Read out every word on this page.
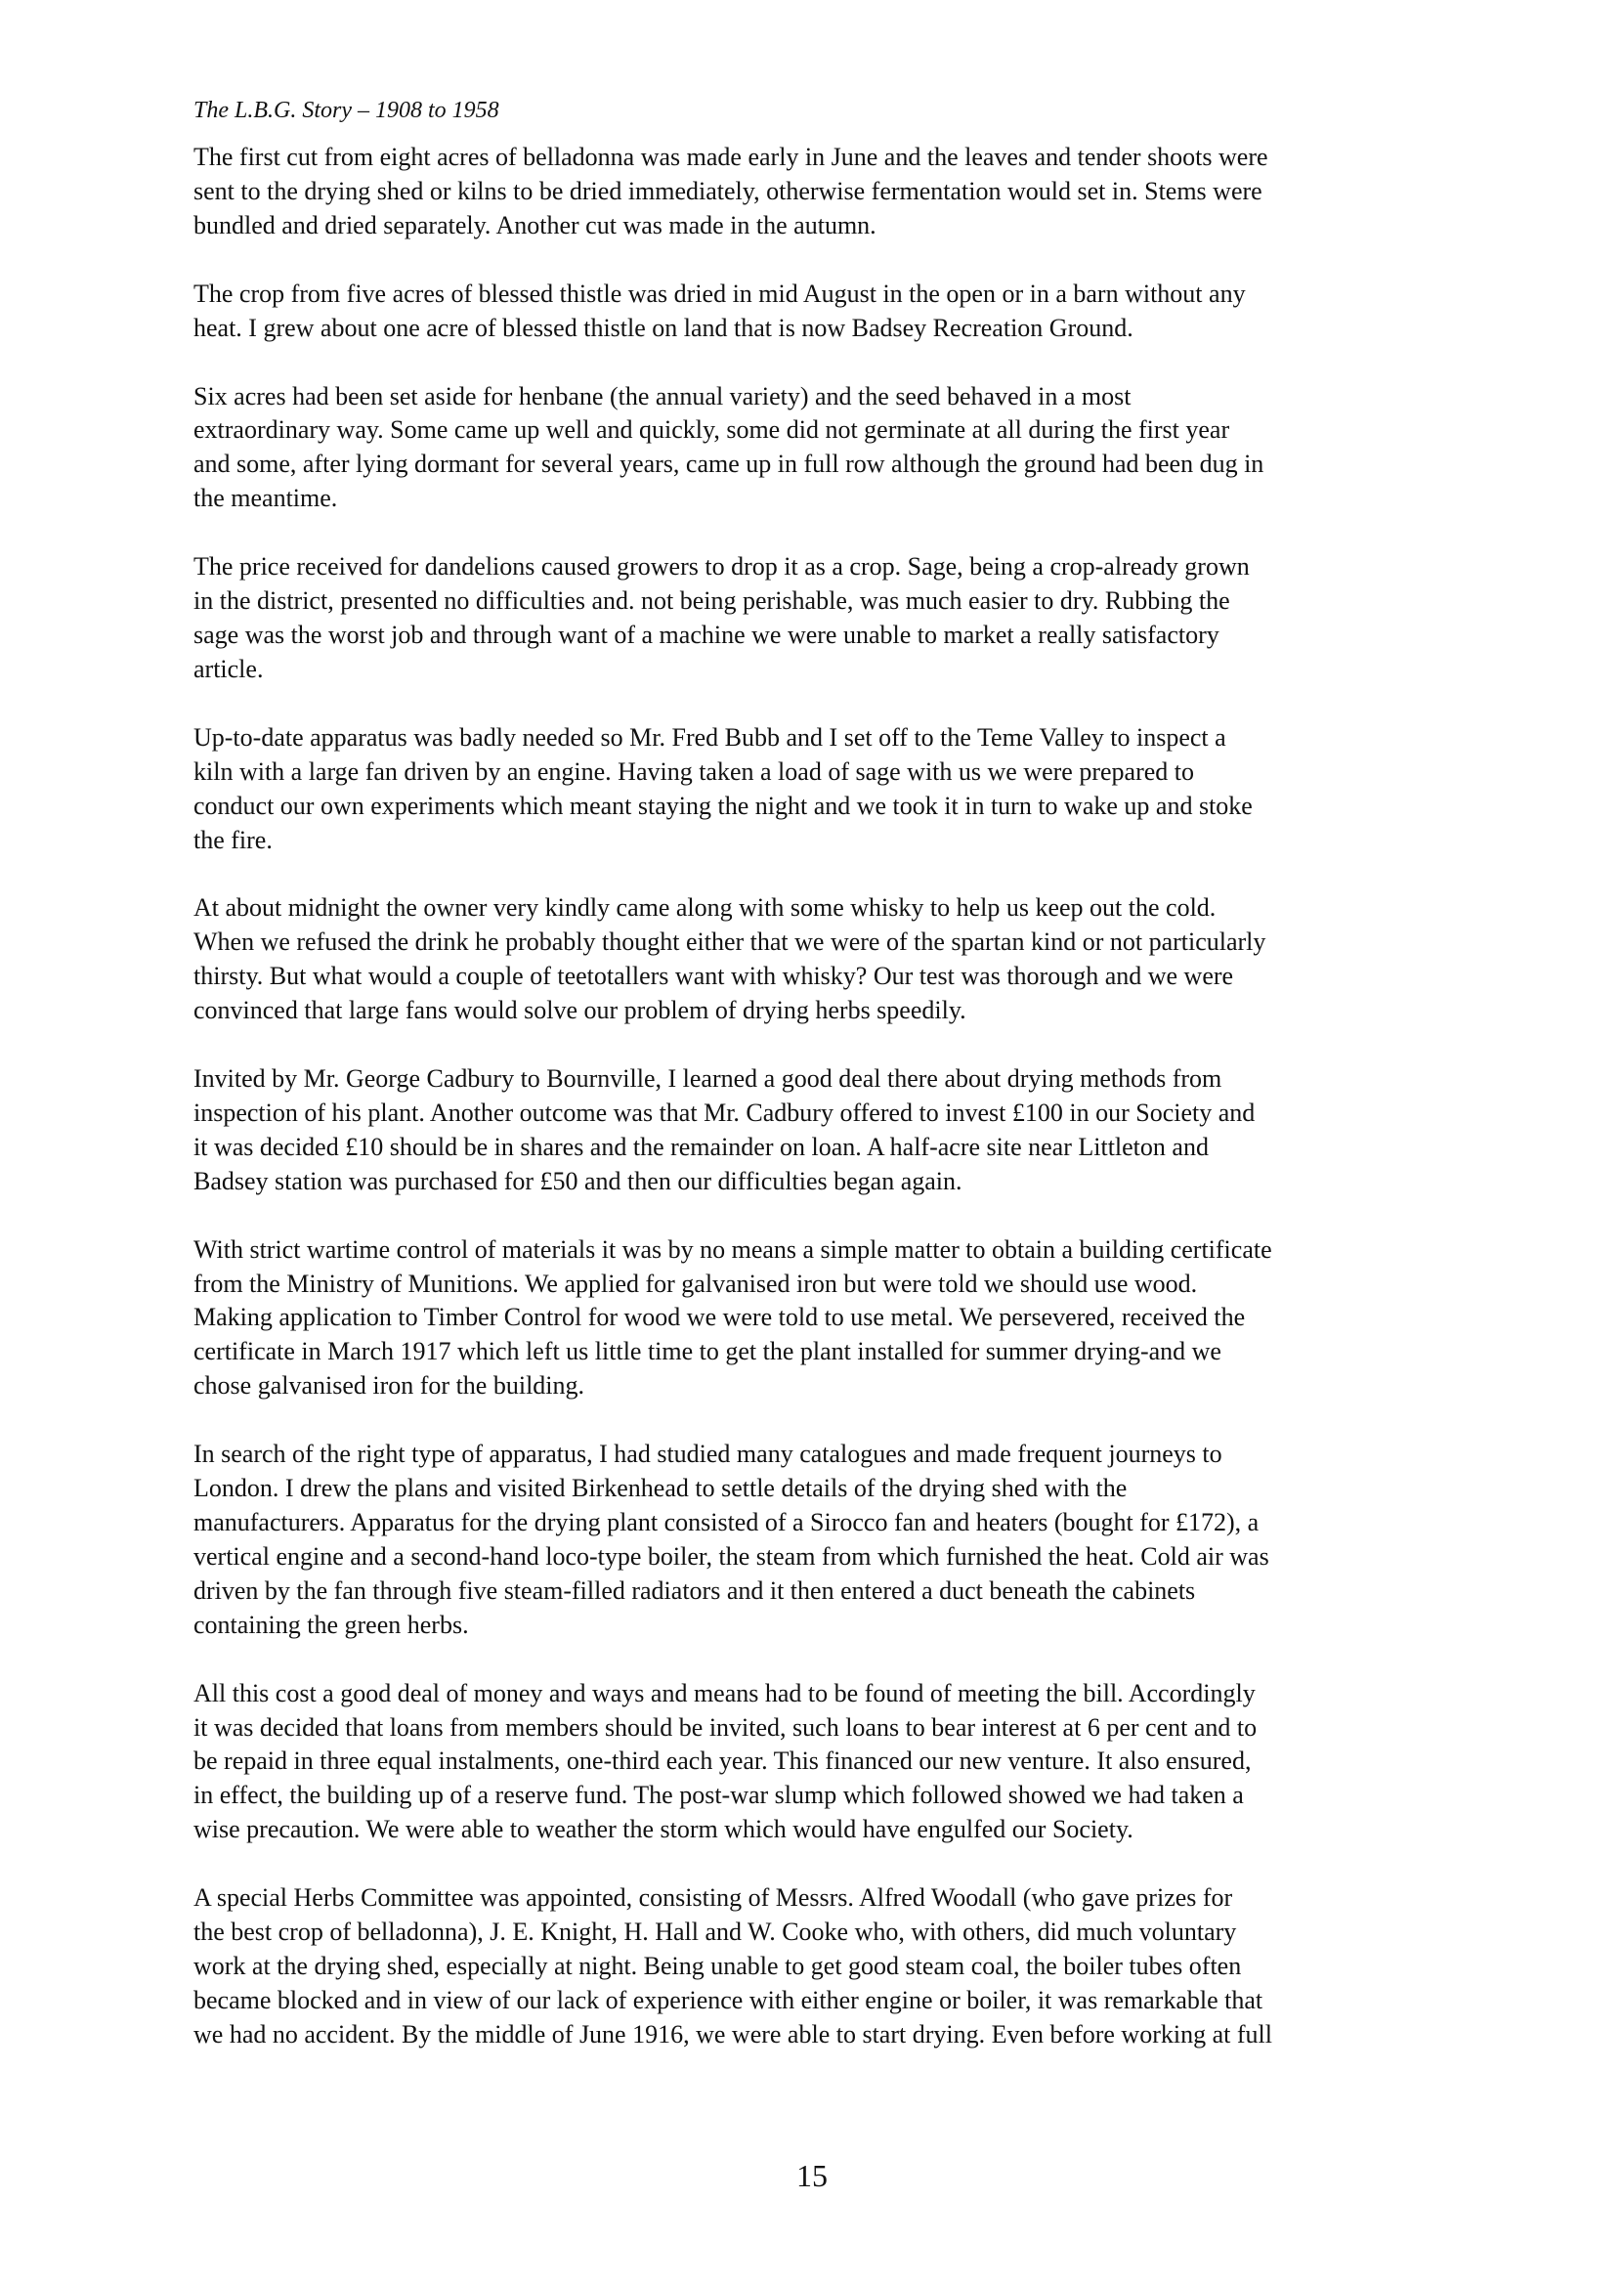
The L.B.G. Story – 1908 to 1958

The first cut from eight acres of belladonna was made early in June and the leaves and tender shoots were
sent to the drying shed or kilns to be dried immediately, otherwise fermentation would set in. Stems were
bundled and dried separately. Another cut was made in the autumn.

The crop from five acres of blessed thistle was dried in mid August in the open or in a barn without any
heat. I grew about one acre of blessed thistle on land that is now Badsey Recreation Ground.

Six acres had been set aside for henbane (the annual variety) and the seed behaved in a most
extraordinary way. Some came up well and quickly, some did not germinate at all during the first year
and some, after lying dormant for several years, came up in full row although the ground had been dug in
the meantime.

The price received for dandelions caused growers to drop it as a crop. Sage, being a crop-already grown
in the district, presented no difficulties and. not being perishable, was much easier to dry. Rubbing the
sage was the worst job and through want of a machine we were unable to market a really satisfactory
article.

Up-to-date apparatus was badly needed so Mr. Fred Bubb and I set off to the Teme Valley to inspect a
kiln with a large fan driven by an engine. Having taken a load of sage with us we were prepared to
conduct our own experiments which meant staying the night and we took it in turn to wake up and stoke
the fire.

At about midnight the owner very kindly came along with some whisky to help us keep out the cold.
When we refused the drink he probably thought either that we were of the spartan kind or not particularly
thirsty. But what would a couple of teetotallers want with whisky? Our test was thorough and we were
convinced that large fans would solve our problem of drying herbs speedily.

Invited by Mr. George Cadbury to Bournville, I learned a good deal there about drying methods from
inspection of his plant. Another outcome was that Mr. Cadbury offered to invest £100 in our Society and
it was decided £10 should be in shares and the remainder on loan. A half-acre site near Littleton and
Badsey station was purchased for £50 and then our difficulties began again.

With strict wartime control of materials it was by no means a simple matter to obtain a building certificate
from the Ministry of Munitions. We applied for galvanised iron but were told we should use wood.
Making application to Timber Control for wood we were told to use metal. We persevered, received the
certificate in March 1917 which left us little time to get the plant installed for summer drying-and we
chose galvanised iron for the building.

In search of the right type of apparatus, I had studied many catalogues and made frequent journeys to
London. I drew the plans and visited Birkenhead to settle details of the drying shed with the
manufacturers. Apparatus for the drying plant consisted of a Sirocco fan and heaters (bought for £172), a
vertical engine and a second-hand loco-type boiler, the steam from which furnished the heat. Cold air was
driven by the fan through five steam-filled radiators and it then entered a duct beneath the cabinets
containing the green herbs.

All this cost a good deal of money and ways and means had to be found of meeting the bill. Accordingly
it was decided that loans from members should be invited, such loans to bear interest at 6 per cent and to
be repaid in three equal instalments, one-third each year. This financed our new venture. It also ensured,
in effect, the building up of a reserve fund. The post-war slump which followed showed we had taken a
wise precaution. We were able to weather the storm which would have engulfed our Society.

A special Herbs Committee was appointed, consisting of Messrs. Alfred Woodall (who gave prizes for
the best crop of belladonna), J. E. Knight, H. Hall and W. Cooke who, with others, did much voluntary
work at the drying shed, especially at night. Being unable to get good steam coal, the boiler tubes often
became blocked and in view of our lack of experience with either engine or boiler, it was remarkable that
we had no accident. By the middle of June 1916, we were able to start drying. Even before working at full

15
